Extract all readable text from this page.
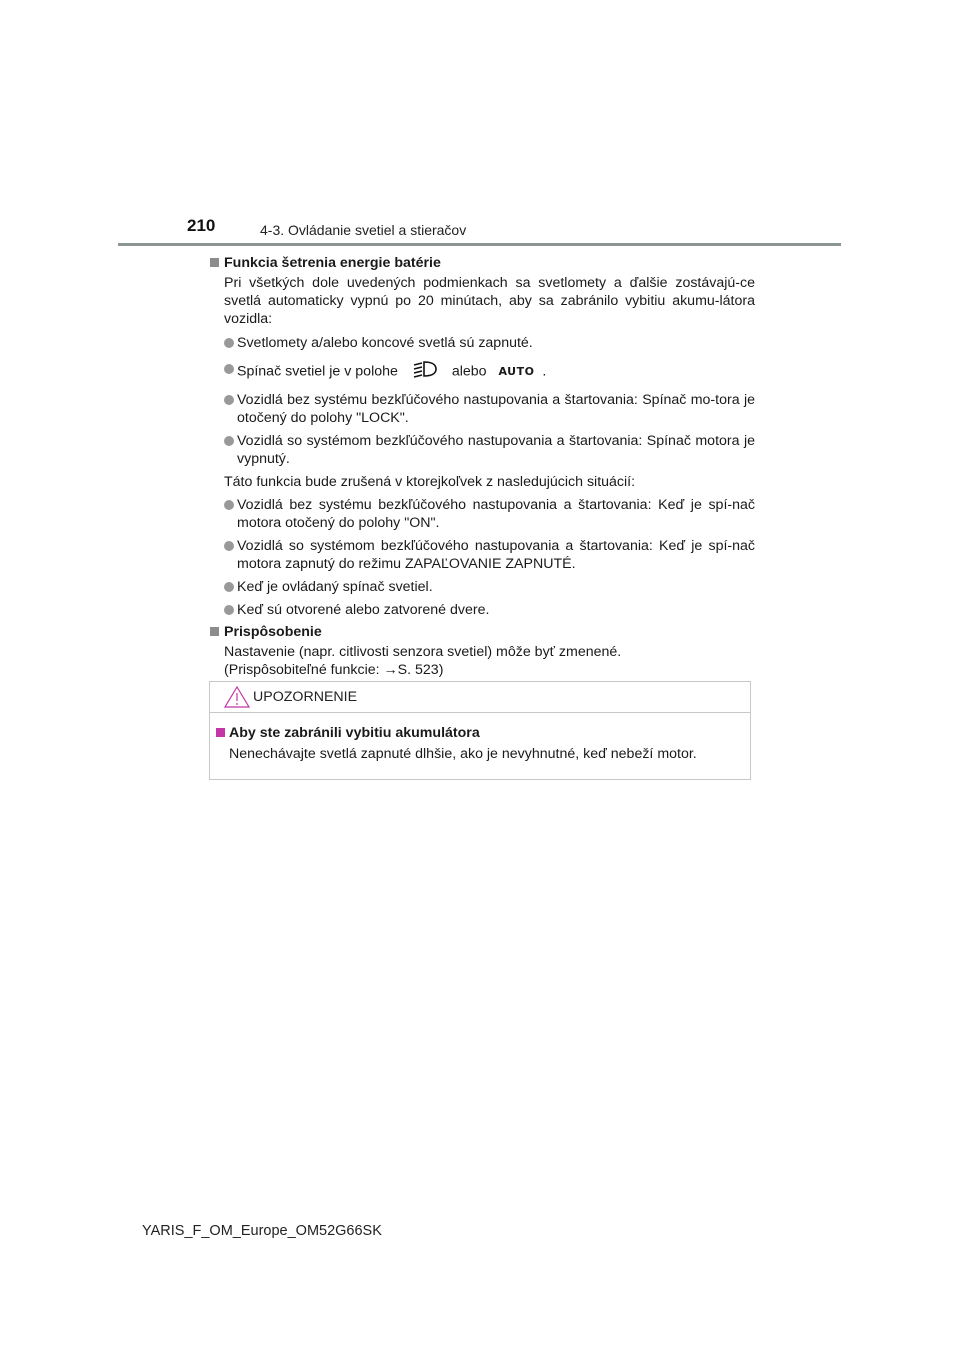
210	4-3. Ovládanie svetiel a stieračov
Funkcia šetrenia energie batérie
Pri všetkých dole uvedených podmienkach sa svetlomety a ďalšie zostávajú-ce svetlá automaticky vypnú po 20 minútach, aby sa zabránilo vybitiu akumu-látora vozidla:
Svetlomety a/alebo koncové svetlá sú zapnuté.
Spínač svetiel je v polohe	alebo AUTO .
Vozidlá bez systému bezkľúčového nastupovania a štartovania: Spínač mo-tora je otočený do polohy "LOCK".
Vozidlá so systémom bezkľúčového nastupovania a štartovania: Spínač motora je vypnutý.
Táto funkcia bude zrušená v ktorejkoľvek z nasledujúcich situácií:
Vozidlá bez systému bezkľúčového nastupovania a štartovania: Keď je spí-nač motora otočený do polohy "ON".
Vozidlá so systémom bezkľúčového nastupovania a štartovania: Keď je spí-nač motora zapnutý do režimu ZAPAĽOVANIE ZAPNUTÉ.
Keď je ovládaný spínač svetiel.
Keď sú otvorené alebo zatvorené dvere.
Prispôsobenie
Nastavenie (napr. citlivosti senzora svetiel) môže byť zmenené.
(Prispôsobiteľné funkcie: →S. 523)
UPOZORNENIE
Aby ste zabránili vybitiu akumulátora
Nenechávajte svetlá zapnuté dlhšie, ako je nevyhnutné, keď nebeží motor.
YARIS_F_OM_Europe_OM52G66SK
